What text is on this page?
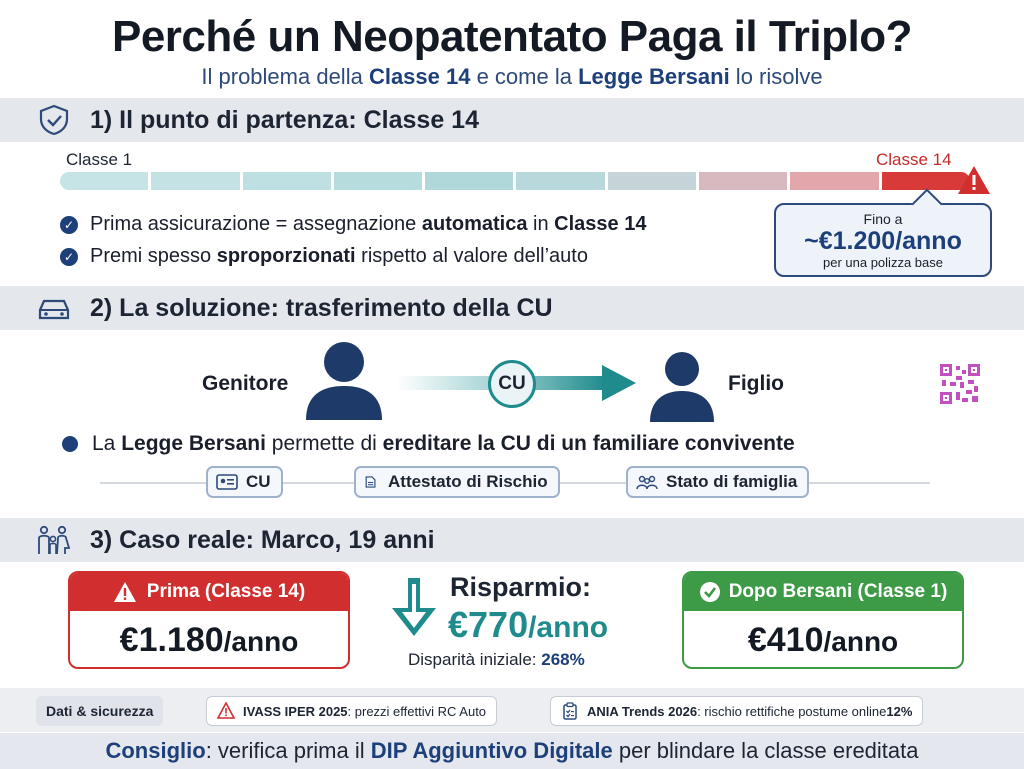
Perché un Neopatentato Paga il Triplo?
Il problema della Classe 14 e come la Legge Bersani lo risolve
1) Il punto di partenza: Classe 14
Classe 1	Classe 14
✓ Prima assicurazione = assegnazione
automatica
in
Classe 14
✓ Premi spesso
sproporzionati
rispetto al valore dell’auto
Fino a
~€1.200/anno
per una polizza base
2) La soluzione: trasferimento della CU
Genitore	CU	Figlio
La
Legge Bersani
permette di
ereditare la CU di un familiare convivente
CU	Attestato di Rischio	Stato di famiglia
3) Caso reale: Marco, 19 anni
Prima (Classe 14)
€1.180/anno
Risparmio:
€770/anno
Disparità iniziale: 268%
Dopo Bersani (Classe 1)
€410/anno
Dati & sicurezza	IVASS IPER 2025 : prezzi effettivi RC Auto	ANIA Trends 2026 : rischio rettifiche postume online 12%
Consiglio: verifica prima il DIP Aggiuntivo Digitale per blindare la classe ereditata
